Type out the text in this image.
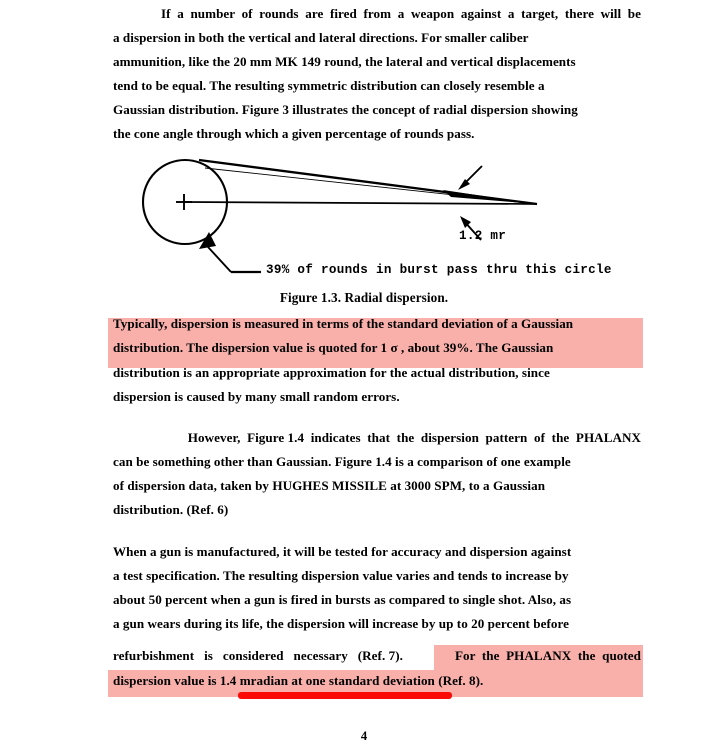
If  a  number  of  rounds  are  fired  from  a  weapon  against  a  target,  there  will  be
a dispersion in both the vertical and lateral directions. For smaller caliber
ammunition, like the 20 mm MK 149 round, the lateral and vertical displacements
tend to be equal. The resulting symmetric distribution can closely resemble a
Gaussian distribution. Figure 3 illustrates the concept of radial dispersion showing
the cone angle through which a given percentage of rounds pass.
1.2 mr
39% of rounds in burst pass thru this circle
Figure 1.3. Radial dispersion.
Typically, dispersion is measured in terms of the standard deviation of a Gaussian
distribution. The dispersion value is quoted for 1 σ , about 39%. The Gaussian
distribution is an appropriate approximation for the actual distribution, since
dispersion is caused by many small random errors.
However,  Figure 1.4  indicates  that  the  dispersion  pattern  of  the  PHALANX
can be something other than Gaussian. Figure 1.4 is a comparison of one example
of dispersion data, taken by HUGHES MISSILE at 3000 SPM, to a Gaussian
distribution. (Ref. 6)
When a gun is manufactured, it will be tested for accuracy and dispersion against
a test specification. The resulting dispersion value varies and tends to increase by
about 50 percent when a gun is fired in bursts as compared to single shot. Also, as
a gun wears during its life, the dispersion will increase by up to 20 percent before
refurbishment   is   considered   necessary   (Ref. 7).	For  the  PHALANX  the  quoted
dispersion value is 1.4 mradian at one standard deviation (Ref. 8).
4
